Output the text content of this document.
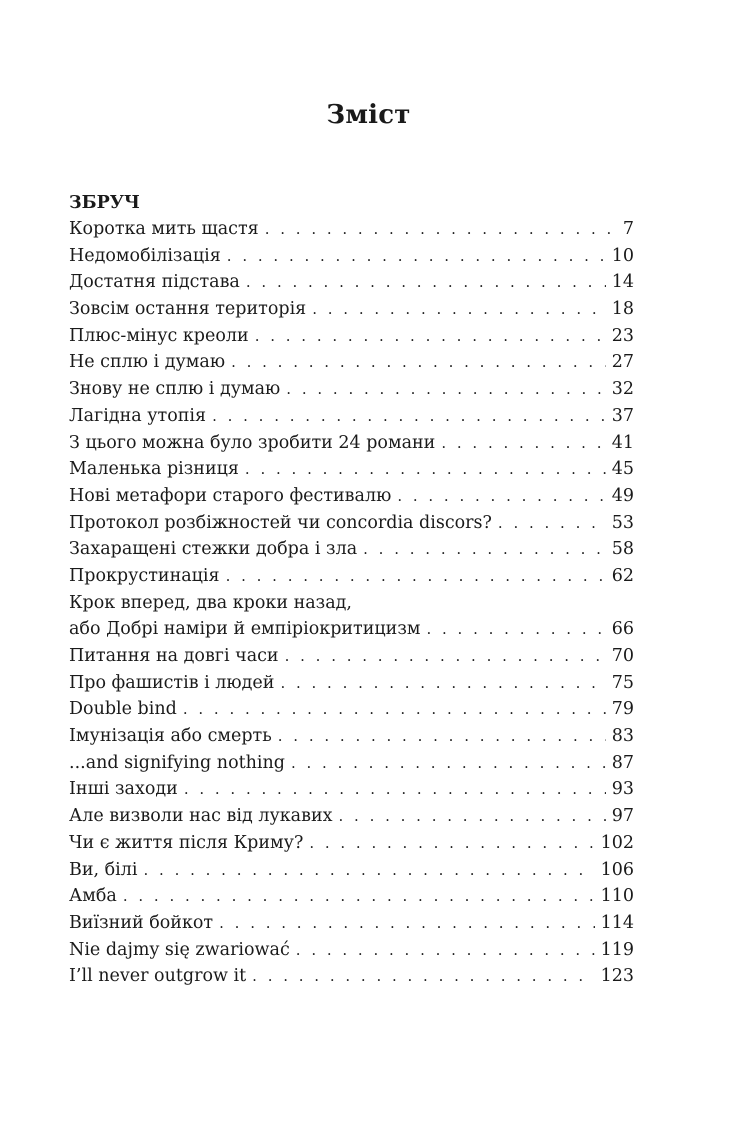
Зміст
ЗБРУЧ
Коротка мить щастя . . .	7
Недомобілізація . . .	10
Достатня підстава . . .	14
Зовсім остання територія . . .	18
Плюс-мінус креоли . . .	23
Не сплю і думаю . . .	27
Знову не сплю і думаю . . .	32
Лагідна утопія . . .	37
З цього можна було зробити 24 романи . . .	41
Маленька різниця . . .	45
Нові метафори старого фестивалю . . .	49
Протокол розбіжностей чи concordia discors? . . .	53
Захаращені стежки добра і зла . . .	58
Прокрустинація . . .	62
Крок вперед, два кроки назад,
або Добрі наміри й емпіріокритицизм . . .	66
Питання на довгі часи . . .	70
Про фашистів і людей . . .	75
Double bind . . .	79
Імунізація або смерть . . .	83
...and signifying nothing . . .	87
Інші заходи . . .	93
Але визволи нас від лукавих . . .	97
Чи є життя після Криму? . . .	102
Ви, білі . . .	106
Амба . . .	110
Виїзний бойкот . . .	114
Nie dajmy się zwariować . . .	119
I’ll never outgrow it . . .	123
